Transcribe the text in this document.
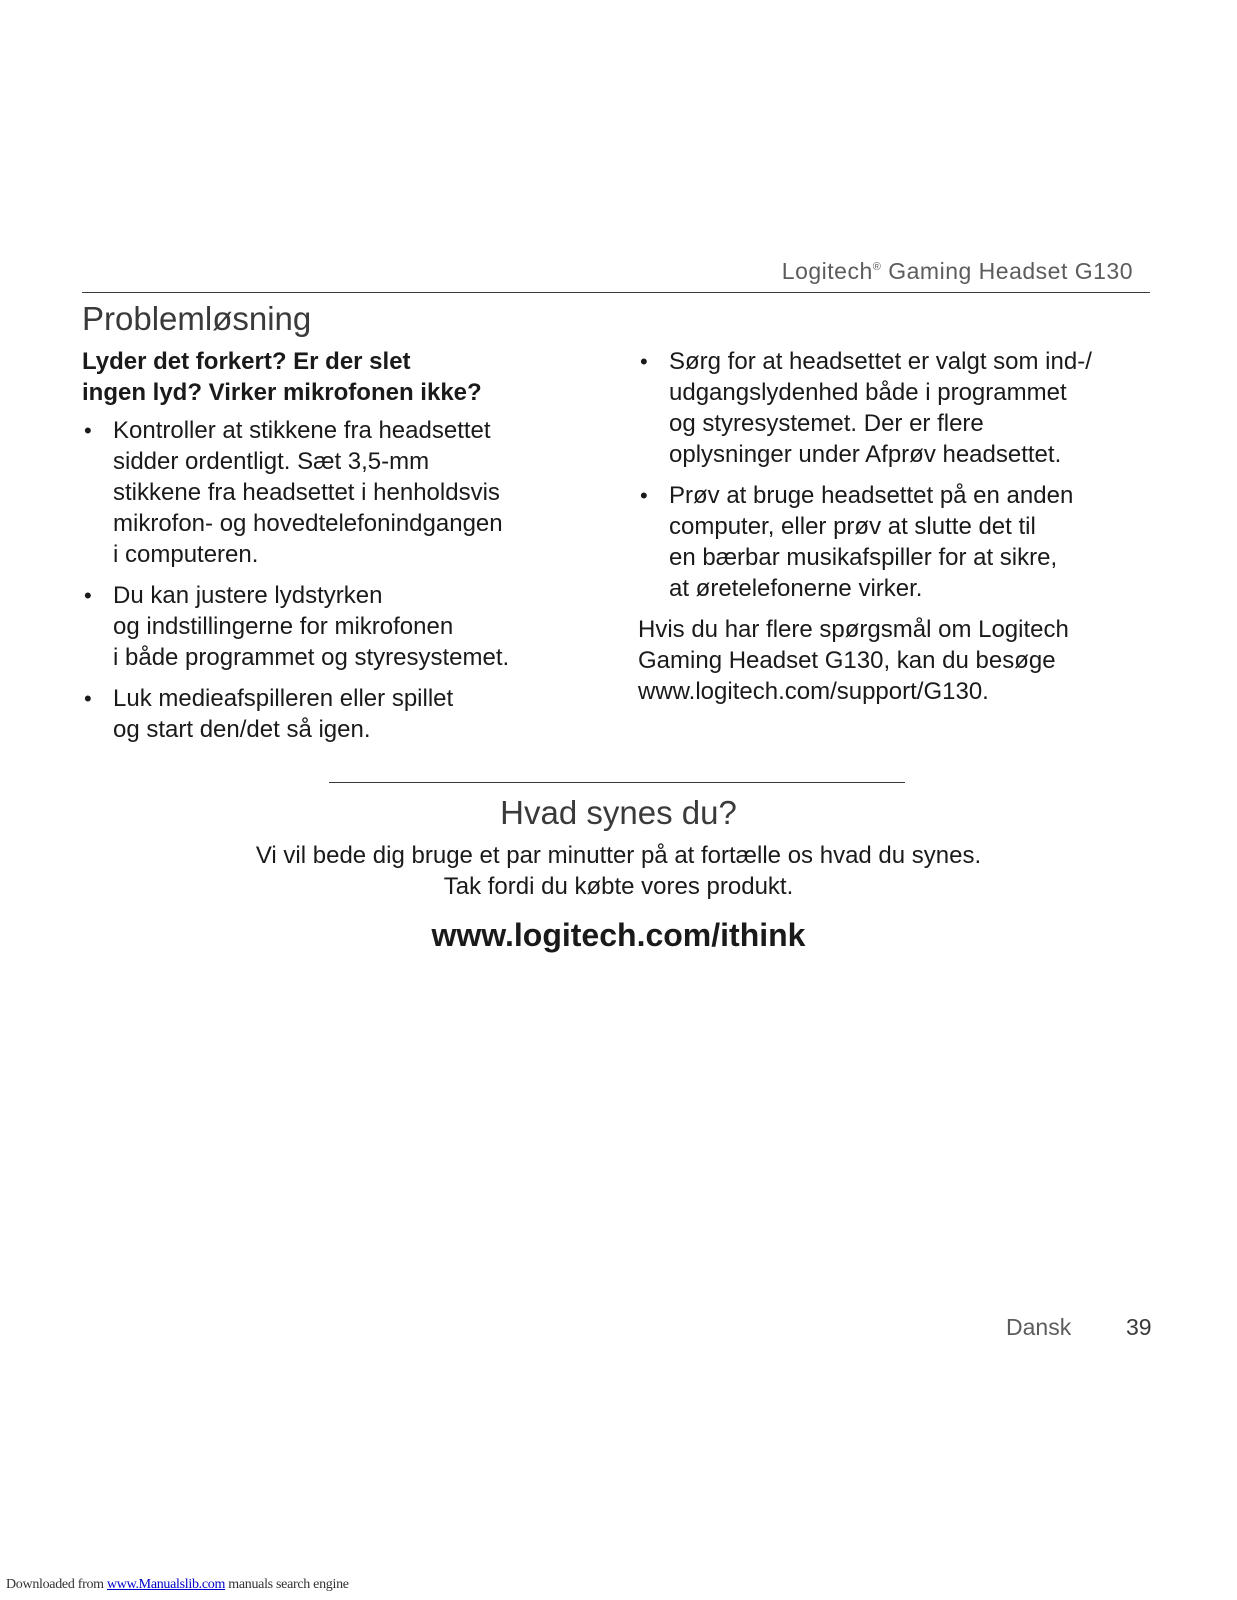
Logitech® Gaming Headset G130
Problemløsning
Lyder det forkert? Er der slet
ingen lyd? Virker mikrofonen ikke?
• Kontroller at stikkene fra headsettet
sidder ordentligt. Sæt 3,5-mm
stikkene fra headsettet i henholdsvis
mikrofon- og hovedtelefonindgangen
i computeren.
• Du kan justere lydstyrken
og indstillingerne for mikrofonen
i både programmet og styresystemet.
• Luk medieafspilleren eller spillet
og start den/det så igen.
• Sørg for at headsettet er valgt som ind-/
udgangslydenhed både i programmet
og styresystemet. Der er flere
oplysninger under Afprøv headsettet.
• Prøv at bruge headsettet på en anden
computer, eller prøv at slutte det til
en bærbar musikafspiller for at sikre,
at øretelefonerne virker.

Hvis du har flere spørgsmål om Logitech
Gaming Headset G130, kan du besøge
www.logitech.com/support/G130.

Hvad synes du?
Vi vil bede dig bruge et par minutter på at fortælle os hvad du synes.
Tak fordi du købte vores produkt.
www.logitech.com/ithink
Dansk 39
Downloaded from www.Manualslib.com manuals search engine
